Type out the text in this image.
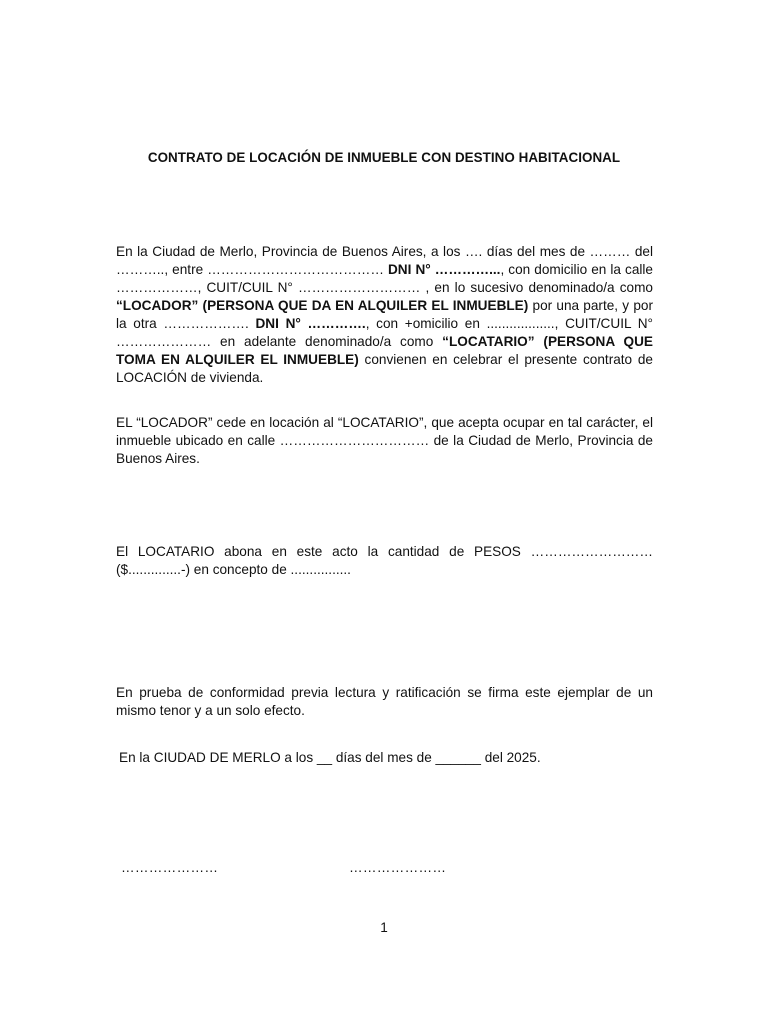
CONTRATO DE LOCACIÓN DE INMUEBLE CON DESTINO HABITACIONAL
En la Ciudad de Merlo, Provincia de Buenos Aires, a los …. días del mes de ……… del ……….., entre ………………………………… DNI N° …………..., con domicilio en la calle ………………, CUIT/CUIL N° ……………………… , en lo sucesivo denominado/a como “LOCADOR” (PERSONA QUE DA EN ALQUILER EL INMUEBLE) por una parte, y por la otra ………………. DNI N° …………., con +omicilio en .................., CUIT/CUIL N° ………………… en adelante denominado/a como “LOCATARIO” (PERSONA QUE TOMA EN ALQUILER EL INMUEBLE) convienen en celebrar el presente contrato de LOCACIÓN de vivienda.
EL “LOCADOR” cede en locación al “LOCATARIO”, que acepta ocupar en tal carácter, el inmueble ubicado en calle …………………………… de la Ciudad de Merlo, Provincia de Buenos Aires.
El LOCATARIO abona en este acto la cantidad de PESOS ……………………… ($..............-) en concepto de ................
En prueba de conformidad previa lectura y ratificación se firma este ejemplar de un mismo tenor y a un solo efecto.
En la CIUDAD DE MERLO a los __ días del mes de ______ del 2025.
…………………	…………………
1
